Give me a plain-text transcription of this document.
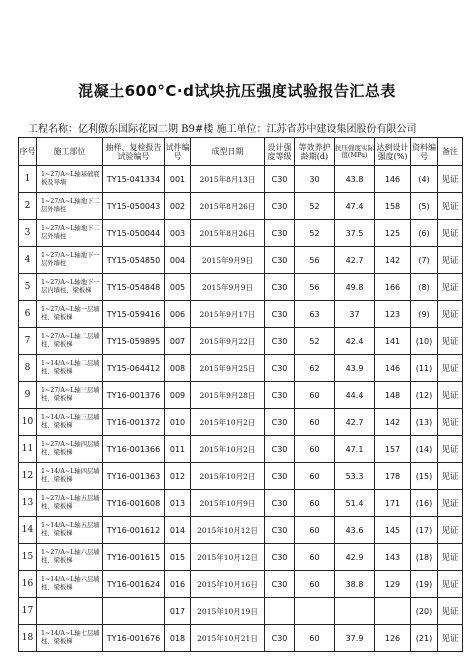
混凝土600°C·d试块抗压强度试验报告汇总表
工程名称：亿利傲东国际花园二期 B9#楼 施工单位：江苏省苏中建设集团股份有限公司
序号	施工部位	抽样、复检报告试验编号	试件编号	成型日期	设计强度等级	等效养护龄期(d)	抗压强度实际值(MPa)	达到设计强度(%)	资料编号	备注
1	1~27/A~L轴基础底板及导墙	TY15-041334	001	2015年8月13日	C30	30	43.8	146	(4)	见证
2	1~27/A~L轴地下二层外墙柱	TY15-050043	002	2015年8月26日	C30	52	47.4	158	(5)	见证
3	1~27/A~L轴地下二层外墙柱	TY15-050044	003	2015年8月26日	C30	52	37.5	125	(6)	见证
4	1~27/A~L轴地下一层外墙柱	TY15-054850	004	2015年9月9日	C30	56	42.7	142	(7)	见证
5	1~27/A~L轴地下一层内墙柱、梁板梯	TY15-054848	005	2015年9月9日	C30	56	49.8	166	(8)	见证
6	1~27/A~L轴一层墙柱、梁板梯	TY15-059416	006	2015年9月17日	C30	63	37	123	(9)	见证
7	1~27/A~L轴二层墙柱、梁板梯	TY15-059895	007	2015年9月22日	C30	52	42.4	141	(10)	见证
8	1~14/A~L轴二层墙柱、梁板梯	TY15-064412	008	2015年9月25日	C30	62	43.9	146	(11)	见证
9	1~27/A~L轴三层墙柱、梁板梯	TY16-001376	009	2015年9月28日	C30	60	44.4	148	(12)	见证
10	1~14/A~L轴三层墙柱、梁板梯	TY16-001372	010	2015年10月2日	C30	60	42.7	142	(13)	见证
11	1~27/A~L轴四层墙柱、梁板梯	TY16-001366	011	2015年10月2日	C30	60	47.1	157	(14)	见证
12	1~14/A~L轴四层墙柱、梁板梯	TY16-001363	012	2015年10月2日	C30	60	53.3	178	(15)	见证
13	1~27/A~L轴五层墙柱、梁板梯	TY16-001608	013	2015年10月9日	C30	60	51.4	171	(16)	见证
14	1~14/A~L轴五层墙柱、梁板梯	TY16-001612	014	2015年10月12日	C30	60	43.6	145	(17)	见证
15	1~27/A~L轴六层墙柱、梁板梯	TY16-001615	015	2015年10月12日	C30	60	42.9	143	(18)	见证
16	1~14/A~L轴六层墙柱、梁板梯	TY16-001624	016	2015年10月16日	C30	60	38.8	129	(19)	见证
17			017	2015年10月19日					(20)	见证
18	1~14/A~L轴七层墙柱、梁板梯	TY16-001676	018	2015年10月21日	C30	60	37.9	126	(21)	见证
